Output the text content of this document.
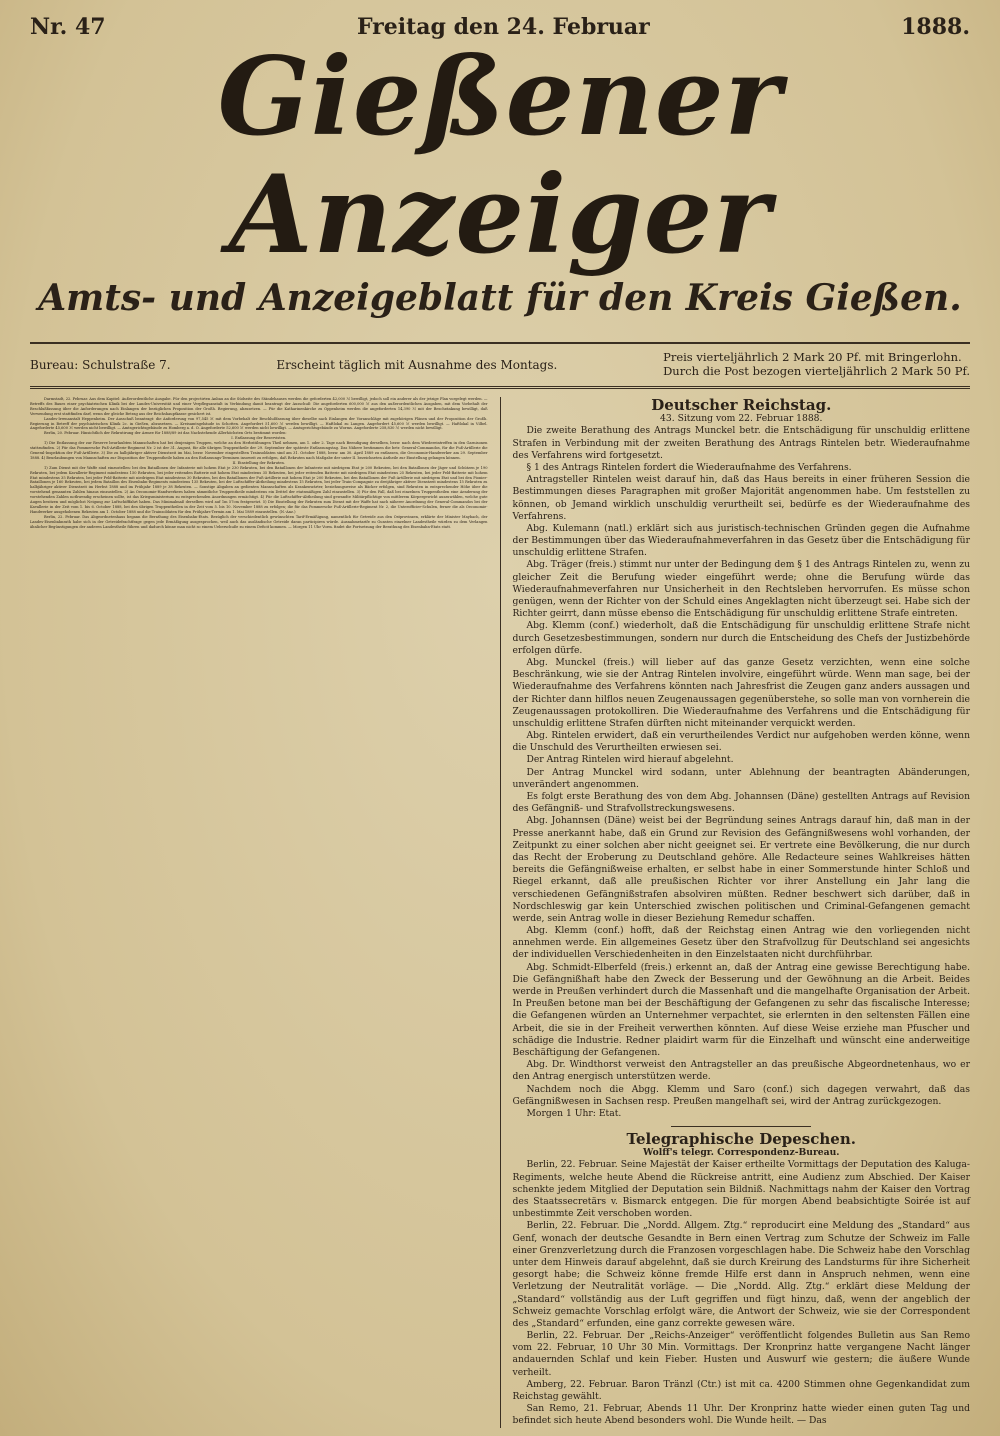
Nr. 47	Freitag den 24. Februar	1888.
Gießener Anzeiger
Amts- und Anzeigeblatt für den Kreis Gießen.
Bureau: Schulstraße 7.	Erscheint täglich mit Ausnahme des Montags.
Preis vierteljährlich 2 Mark 20 Pf. mit Bringerlohn.
Durch die Post bezogen vierteljährlich 2 Mark 50 Pf.

Darmstadt, 22. Februar. Aus dem Kapitel: Außerordentliche Ausgabe. Für den projectirten Anbau an die Südseite des Ständehauses werden die geforderten 42,000 ℳ bewilligt, jedoch soll ein anderer als der jetzige Plan vorgelegt werden. — Betreffs des Baues einer psychiatrischen Klinik bei der Landes-Universität und einer Verpflegsanstalt in Verbindung damit beantragt der Ausschuß: Die angeforderten 600,000 ℳ aus den außerordentlichen Ausgaben, mit dem Vorbehalt der Beschlußfassung über die Anforderungen nach Einlangen der bezüglichen Proposition der Großh. Regierung, abzusetzen. — Für die Katharinenkirche zu Oppenheim werden die angeforderten 14,390 ℳ mit der Beschränkung bewilligt, daß Verwendung erst stattfinden darf, wenn der gleiche Betrag aus der Reichshauptkasse gesichert ist.

Landes-Irrenanstalt Heppenheim. Der Ausschuß beantragt: die Anforderung von 97,545 ℳ mit dem Vorbehalt der Beschlußfassung über dieselbe nach Einlangen der Voranschläge mit zugehörigen Plänen und der Proposition der Großh. Regierung in Betreff der psychiatrischen Klinik 2c. in Gießen, abzusetzen. — Kreisamtsgebäude in Schotten. Angefordert 51,600 ℳ werden bewilligt. — Haftlokal zu Langen. Angefordert 45,600 ℳ werden bewilligt. — Haftlokal in Vilbel. Angeforderte 45,600 ℳ werden nicht bewilligt. — Amtsgerichtsgebäude zu Homberg a. d. O. Angeforderte 52,600 ℳ werden nicht bewilligt. — Amtsgerichtsgebäude zu Worms. Angeforderte 258,830 ℳ werden nicht bewilligt.

Berlin, 20. Februar. Hinsichtlich der Rekrutirung der Armee für 1888/89 ist das Nachstehende Allerhöchsten Orts bestimmt worden:

I. Entlassung der Reservisten.

1) Die Entlassung der zur Reserve beurlaubten Mannschaften hat bei denjenigen Truppen, welche an den Herbstübungen Theil nehmen, am 1. oder 2. Tage nach Beendigung derselben, bezw. nach dem Wiedereintreffen in den Garnisonen stattzufinden. 2) Für das Pommersche Fuß-Artillerie-Regiment Nr. 2 ist der 31. August, für alle übrigen Truppentheile der 29. September der späteste Entlassungstag. Das Nähere bestimmen die betr. General-Commandos, für die Fuß-Artillerie die General-Inspektion der Fuß-Artillerie. 3) Die zu halbjähriger aktiver Dienstzeit im Mai, bezw. November eingestellten Trainsoldaten sind am 31. October 1888, bezw. am 30. April 1889 zu entlassen, die Oeconomie-Handwerker am 29. September 1888. 4) Beurlaubungen von Mannschaften zur Disposition der Truppentheile haben an den Entlassungs-Terminen insoweit zu erfolgen, daß Rekruten nach Maßgabe der unter II. bezeichneten Antheile zur Einstellung gelangen können.

II. Einstellung der Rekruten.

1) Zum Dienst mit der Waffe sind einzustellen: bei den Bataillonen der Infanterie mit hohem Etat je 230 Rekruten, bei den Bataillonen der Infanterie mit niedrigem Etat je 200 Rekruten, bei den Bataillonen der Jäger und Schützen je 190 Rekruten, bei jedem Kavallerie-Regiment mindestens 150 Rekruten, bei jeder reitenden Batterie mit hohem Etat mindestens 35 Rekruten, bei jeder reitenden Batterie mit niedrigem Etat mindestens 25 Rekruten, bei jeder Feld-Batterie mit hohem Etat mindestens 35 Rekruten, bei jeder Feld-Batterie mit niedrigem Etat mindestens 30 Rekruten, bei den Bataillonen der Fuß-Artillerie mit hohem Etat je 200 Rekruten, bei den Bataillonen der Fuß-Artillerie mit niedrigem Etat und bei den Pionier-Bataillonen je 160 Rekruten, bei jedem Bataillon des Eisenbahn-Regiments mindestens 135 Rekruten, bei der Luftschiffer-Abtheilung mindestens 15 Rekruten, bei jeder Train-Compagnie zu dreijähriger aktiver Dienstzeit mindestens 15 Rekruten zu halbjähriger aktiver Dienstzeit im Herbst 1888 und im Frühjahr 1889 je 38 Rekruten. — Sonstige Abgaben an gedienten Mannschaften als Krankenwärter, beziehungsweise als Bäcker erfolgen, sind Rekruten in entsprechender Höhe über die vorstehend genannten Zahlen hinaus einzustellen. 2) An Oeconomie-Handwerkern haben sämmtliche Truppentheile mindestens ein Drittel der etatsmäßigen Zahl einzustellen. 3) Für den Fall, daß bei einzelnen Truppentheilen eine Aenderung der vorstehenden Zahlen nothwendig erscheinen sollte, ist das Kriegsministerium zu entsprechenden Anordnungen ermächtigt. 4) Für die Luftschiffer-Abtheilung sind gewandte Militärpflichtige von mittlerem Körpergewicht auszuwählen, welche gute Augen besitzen und möglichst Neigung zur Luftschifffahrt haben. Das Minimalmaß derselben wird auf 1m 57cm festgesetzt. 5) Die Einstellung der Rekruten zum Dienst mit der Waffe hat nach näherer Anordnung der General-Commandos bei der Kavallerie in der Zeit vom 1. bis 6. October 1888, bei den übrigen Truppentheilen in der Zeit vom 5. bis 10. November 1888 zu erfolgen; die für das Pommersche Fuß-Artillerie-Regiment Nr. 2, die Unterofficier-Schulen, ferner die als Oeconomie-Handwerker ausgehobenen Rekruten am 1. October 1888 und die Trainsoldaten für den Frühjahrs-Termin am 1. Mai 1889 einzustellen. (N.-Anz.)

Berlin, 22. Februar. Das Abgeordnetenhaus begann die Berathung des Eisenbahn-Etats. Bezüglich der verschiedentlich gewünschten Tarif-Ermäßigung, namentlich für Getreide aus den Ostprovinzen, erklärte der Minister Maybach, der Landes-Eisenbahnrath habe sich in der Getreidefrachtfrage gegen jede Ermäßigung ausgesprochen, weil auch das ausländische Getreide daran participiren würde. Ausnahmetarife zu Gunsten einzelner Landestheile würden zu dem Verlangen ähnlicher Begünstigungen der anderen Landestheile führen und dadurch könne man nicht so einem Ueberschuße zu einem Deficit kommen. — Morgen 11 Uhr Vorm. findet die Fortsetzung der Berathung des Eisenbahn-Etats statt.

Deutscher Reichstag.
43. Sitzung vom 22. Februar 1888.

Die zweite Berathung des Antrags Munckel betr. die Entschädigung für unschuldig erlittene Strafen in Verbindung mit der zweiten Berathung des Antrags Rintelen betr. Wiederaufnahme des Verfahrens wird fortgesetzt.

§ 1 des Antrags Rintelen fordert die Wiederaufnahme des Verfahrens.

Antragsteller Rintelen weist darauf hin, daß das Haus bereits in einer früheren Session die Bestimmungen dieses Paragraphen mit großer Majorität angenommen habe. Um feststellen zu können, ob Jemand wirklich unschuldig verurtheilt sei, bedürfe es der Wiederaufnahme des Verfahrens.

Abg. Kulemann (natl.) erklärt sich aus juristisch-technischen Gründen gegen die Aufnahme der Bestimmungen über das Wiederaufnahmeverfahren in das Gesetz über die Entschädigung für unschuldig erlittene Strafen.

Abg. Träger (freis.) stimmt nur unter der Bedingung dem § 1 des Antrags Rintelen zu, wenn zu gleicher Zeit die Berufung wieder eingeführt werde; ohne die Berufung würde das Wiederaufnahmeverfahren nur Unsicherheit in den Rechtsleben hervorrufen. Es müsse schon genügen, wenn der Richter von der Schuld eines Angeklagten nicht überzeugt sei. Habe sich der Richter geirrt, dann müsse ebenso die Entschädigung für unschuldig erlittene Strafe eintreten.

Abg. Klemm (conf.) wiederholt, daß die Entschädigung für unschuldig erlittene Strafe nicht durch Gesetzesbestimmungen, sondern nur durch die Entscheidung des Chefs der Justizbehörde erfolgen dürfe.

Abg. Munckel (freis.) will lieber auf das ganze Gesetz verzichten, wenn eine solche Beschränkung, wie sie der Antrag Rintelen involvire, eingeführt würde. Wenn man sage, bei der Wiederaufnahme des Verfahrens könnten nach Jahresfrist die Zeugen ganz anders aussagen und der Richter dann hilflos neuen Zeugenaussagen gegenüberstehe, so solle man von vornherein die Zeugenaussagen protokolliren. Die Wiederaufnahme des Verfahrens und die Entschädigung für unschuldig erlittene Strafen dürften nicht miteinander verquickt werden.

Abg. Rintelen erwidert, daß ein verurtheilendes Verdict nur aufgehoben werden könne, wenn die Unschuld des Verurtheilten erwiesen sei.

Der Antrag Rintelen wird hierauf abgelehnt.

Der Antrag Munckel wird sodann, unter Ablehnung der beantragten Abänderungen, unverändert angenommen.

Es folgt erste Berathung des von dem Abg. Johannsen (Däne) gestellten Antrags auf Revision des Gefängniß- und Strafvollstreckungswesens.

Abg. Johannsen (Däne) weist bei der Begründung seines Antrags darauf hin, daß man in der Presse anerkannt habe, daß ein Grund zur Revision des Gefängnißwesens wohl vorhanden, der Zeitpunkt zu einer solchen aber nicht geeignet sei. Er vertrete eine Bevölkerung, die nur durch das Recht der Eroberung zu Deutschland gehöre. Alle Redacteure seines Wahlkreises hätten bereits die Gefängnißweise erhalten, er selbst habe in einer Sommerstunde hinter Schloß und Riegel erkannt, daß alle preußischen Richter vor ihrer Anstellung ein Jahr lang die verschiedenen Gefängnißstrafen absolviren müßten. Redner beschwert sich darüber, daß in Nordschleswig gar kein Unterschied zwischen politischen und Criminal-Gefangenen gemacht werde, sein Antrag wolle in dieser Beziehung Remedur schaffen.

Abg. Klemm (conf.) hofft, daß der Reichstag einen Antrag wie den vorliegenden nicht annehmen werde. Ein allgemeines Gesetz über den Strafvollzug für Deutschland sei angesichts der individuellen Verschiedenheiten in den Einzelstaaten nicht durchführbar.

Abg. Schmidt-Elberfeld (freis.) erkennt an, daß der Antrag eine gewisse Berechtigung habe. Die Gefängnißhaft habe den Zweck der Besserung und der Gewöhnung an die Arbeit. Beides werde in Preußen verhindert durch die Massenhaft und die mangelhafte Organisation der Arbeit. In Preußen betone man bei der Beschäftigung der Gefangenen zu sehr das fiscalische Interesse; die Gefangenen würden an Unternehmer verpachtet, sie erlernten in den seltensten Fällen eine Arbeit, die sie in der Freiheit verwerthen könnten. Auf diese Weise erziehe man Pfuscher und schädige die Industrie. Redner plaidirt warm für die Einzelhaft und wünscht eine anderweitige Beschäftigung der Gefangenen.

Abg. Dr. Windthorst verweist den Antragsteller an das preußische Abgeordnetenhaus, wo er den Antrag energisch unterstützen werde.

Nachdem noch die Abgg. Klemm und Saro (conf.) sich dagegen verwahrt, daß das Gefängnißwesen in Sachsen resp. Preußen mangelhaft sei, wird der Antrag zurückgezogen.

Morgen 1 Uhr: Etat.

Telegraphische Depeschen.
Wolff's telegr. Correspondenz-Bureau.

Berlin, 22. Februar. Seine Majestät der Kaiser ertheilte Vormittags der Deputation des Kaluga-Regiments, welche heute Abend die Rückreise antritt, eine Audienz zum Abschied. Der Kaiser schenkte jedem Mitglied der Deputation sein Bildniß. Nachmittags nahm der Kaiser den Vortrag des Staatssecretärs v. Bismarck entgegen. Die für morgen Abend beabsichtigte Soirée ist auf unbestimmte Zeit verschoben worden.

Berlin, 22. Februar. Die „Nordd. Allgem. Ztg.“ reproducirt eine Meldung des „Standard“ aus Genf, wonach der deutsche Gesandte in Bern einen Vertrag zum Schutze der Schweiz im Falle einer Grenzverletzung durch die Franzosen vorgeschlagen habe. Die Schweiz habe den Vorschlag unter dem Hinweis darauf abgelehnt, daß sie durch Kreirung des Landsturms für ihre Sicherheit gesorgt habe; die Schweiz könne fremde Hilfe erst dann in Anspruch nehmen, wenn eine Verletzung der Neutralität vorläge. — Die „Nordd. Allg. Ztg.“ erklärt diese Meldung der „Standard“ vollständig aus der Luft gegriffen und fügt hinzu, daß, wenn der angeblich der Schweiz gemachte Vorschlag erfolgt wäre, die Antwort der Schweiz, wie sie der Correspondent des „Standard“ erfunden, eine ganz correkte gewesen wäre.

Berlin, 22. Februar. Der „Reichs-Anzeiger“ veröffentlicht folgendes Bulletin aus San Remo vom 22. Februar, 10 Uhr 30 Min. Vormittags. Der Kronprinz hatte vergangene Nacht länger andauernden Schlaf und kein Fieber. Husten und Auswurf wie gestern; die äußere Wunde verheilt.

Amberg, 22. Februar. Baron Tränzl (Ctr.) ist mit ca. 4200 Stimmen ohne Gegenkandidat zum Reichstag gewählt.

San Remo, 21. Februar, Abends 11 Uhr. Der Kronprinz hatte wieder einen guten Tag und befindet sich heute Abend besonders wohl. Die Wunde heilt. — Das
